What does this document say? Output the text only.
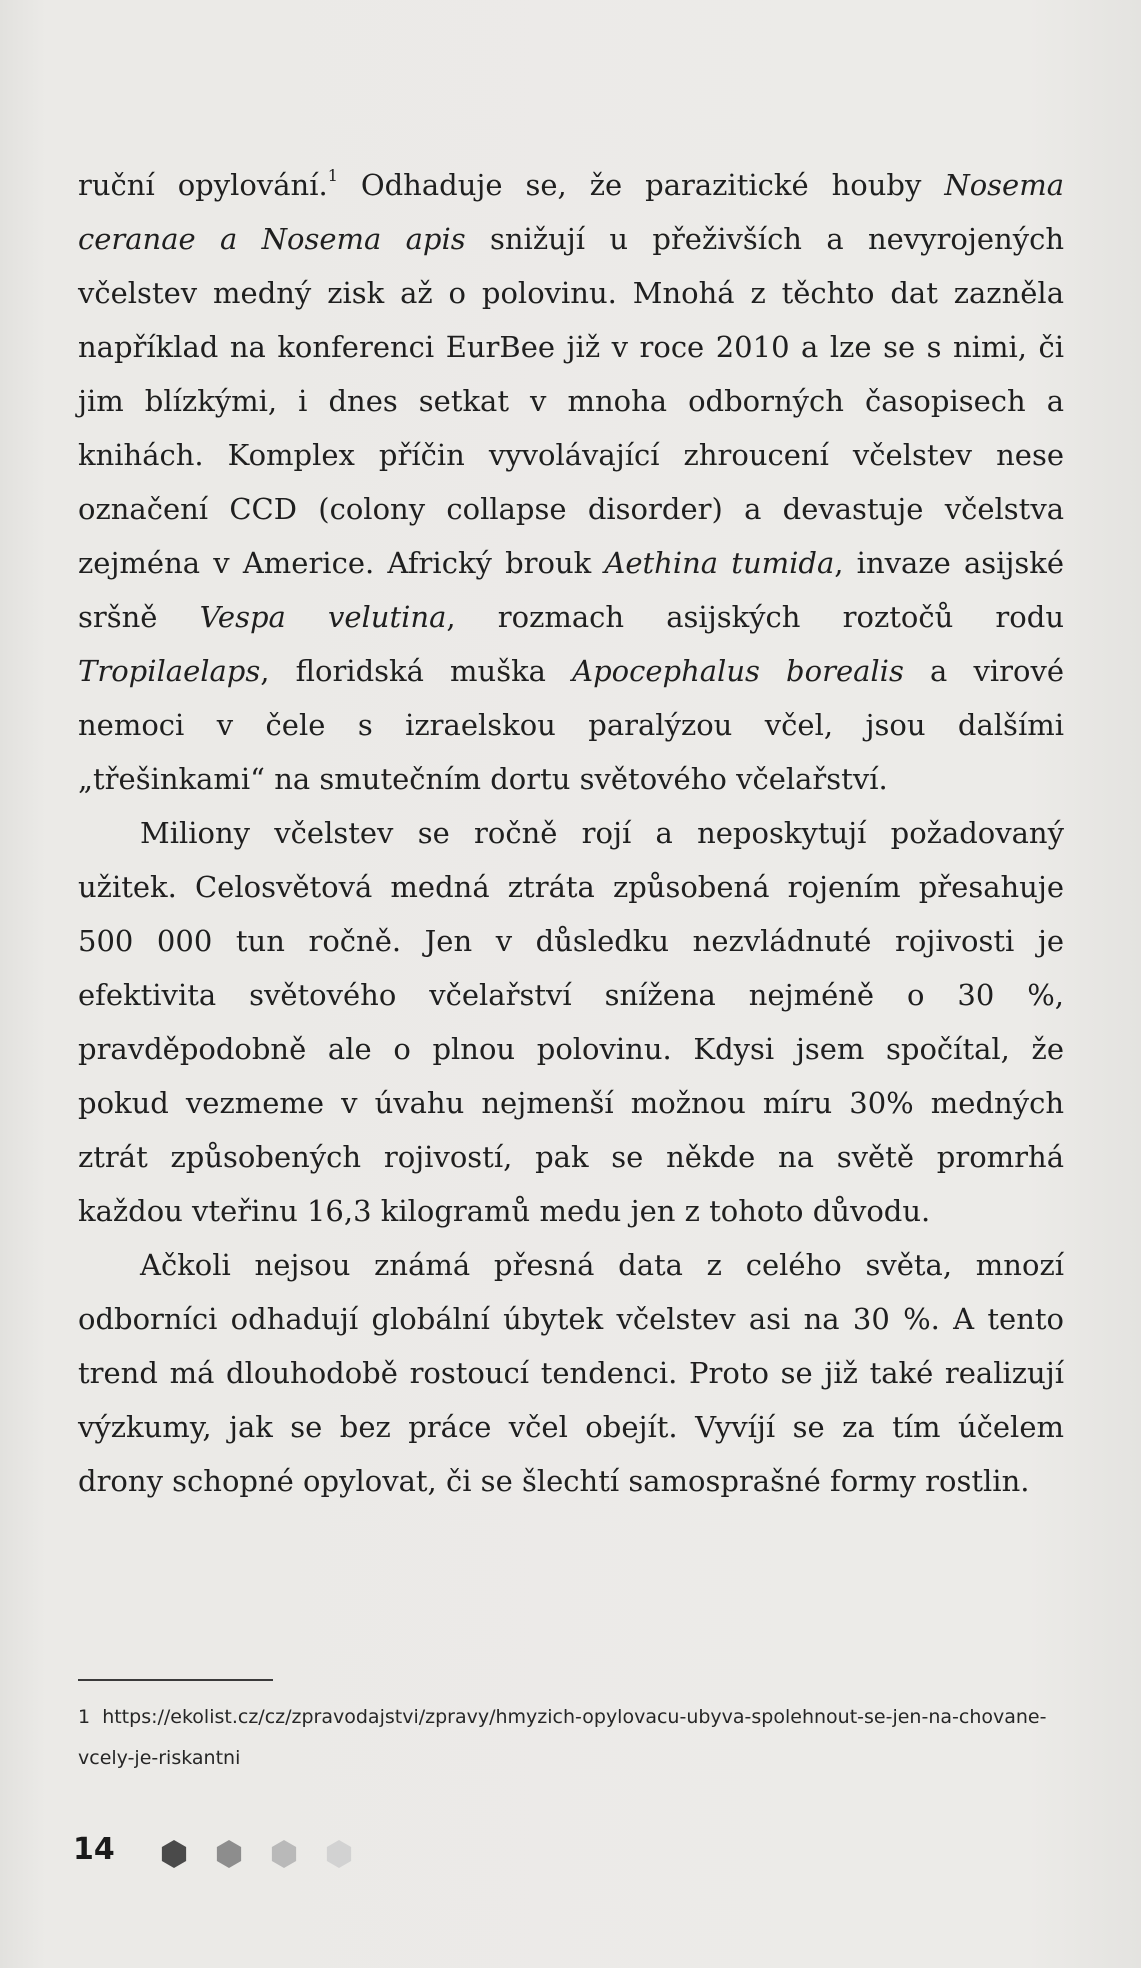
ruční opylování.$^1$ Odhaduje se, že parazitické houby Nosema ceranae a Nosema apis snižují u přeživších a nevyrojených včelstev medný zisk až o polovinu. Mnohá z těchto dat zazněla například na konferenci EurBee již v roce 2010 a lze se s nimi, či jim blízkými, i dnes setkat v mnoha odborných časopisech a knihách. Komplex příčin vyvolávající zhroucení včelstev nese označení CCD (colony collapse disorder) a devastuje včelstva zejména v Americe. Africký brouk Aethina tumida, invaze asijské sršně Vespa velutina, rozmach asijských roztočů rodu Tropilaelaps, floridská muška Apocephalus borealis a virové nemoci v čele s izraelskou paralýzou včel, jsou dalšími „třešinkami“ na smutečním dortu světového včelařství.

Miliony včelstev se ročně rojí a neposkytují požadovaný užitek. Celosvětová medná ztráta způsobená rojením přesahuje 500 000 tun ročně. Jen v důsledku nezvládnuté rojivosti je efektivita světového včelařství snížena nejméně o 30 %, pravděpodobně ale o plnou polovinu. Kdysi jsem spočítal, že pokud vezmeme v úvahu nejmenší možnou míru 30% medných ztrát způsobených rojivostí, pak se někde na světě promrhá každou vteřinu 16,3 kilogramů medu jen z tohoto důvodu.

Ačkoli nejsou známá přesná data z celého světa, mnozí odborníci odhadují globální úbytek včelstev asi na 30 %. A tento trend má dlouhodobě rostoucí tendenci. Proto se již také realizují výzkumy, jak se bez práce včel obejít. Vyvíjí se za tím účelem drony schopné opylovat, či se šlechtí samosprašné formy rostlin.

1 https://ekolist.cz/cz/zpravodajstvi/zpravy/hmyzich-opylovacu-ubyva-spolehnout-se-jen-na-chovane-vcely-je-riskantni
14
